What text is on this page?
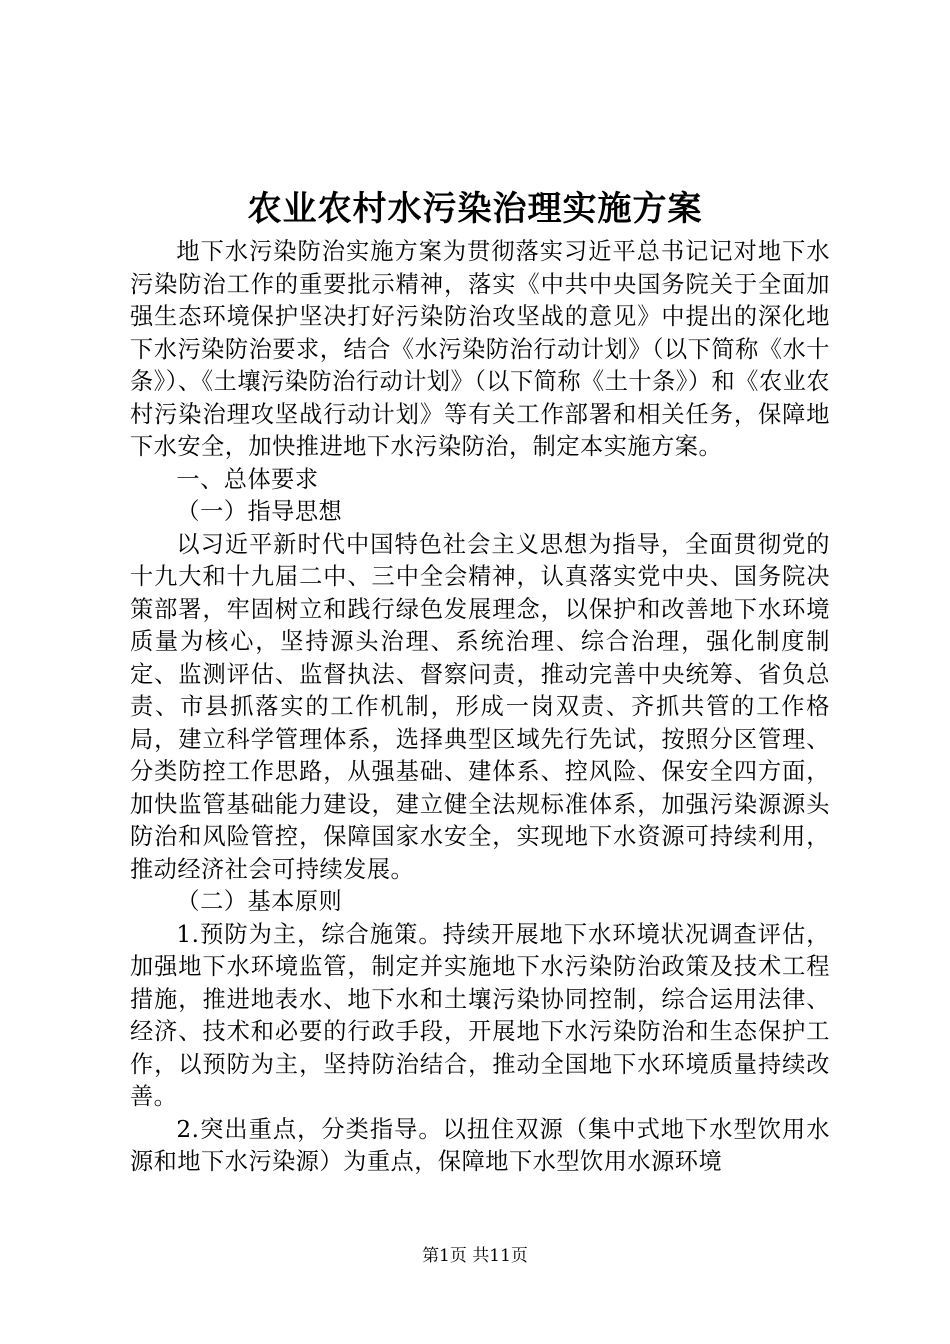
农业农村水污染治理实施方案

地下水污染防治实施方案为贯彻落实习近平总书记记对地下水污染防治工作的重要批示精神，落实《中共中央国务院关于全面加强生态环境保护坚决打好污染防治攻坚战的意见》中提出的深化地下水污染防治要求，结合《水污染防治行动计划》（以下简称《水十条》）、《土壤污染防治行动计划》（以下简称《土十条》）和《农业农村污染治理攻坚战行动计划》等有关工作部署和相关任务，保障地下水安全，加快推进地下水污染防治，制定本实施方案。

一、总体要求

（一）指导思想

以习近平新时代中国特色社会主义思想为指导，全面贯彻党的十九大和十九届二中、三中全会精神，认真落实党中央、国务院决策部署，牢固树立和践行绿色发展理念，以保护和改善地下水环境质量为核心，坚持源头治理、系统治理、综合治理，强化制度制定、监测评估、监督执法、督察问责，推动完善中央统筹、省负总责、市县抓落实的工作机制，形成一岗双责、齐抓共管的工作格局，建立科学管理体系，选择典型区域先行先试，按照分区管理、分类防控工作思路，从强基础、建体系、控风险、保安全四方面，加快监管基础能力建设，建立健全法规标准体系，加强污染源源头防治和风险管控，保障国家水安全，实现地下水资源可持续利用，推动经济社会可持续发展。

（二）基本原则

1.预防为主，综合施策。持续开展地下水环境状况调查评估，加强地下水环境监管，制定并实施地下水污染防治政策及技术工程措施，推进地表水、地下水和土壤污染协同控制，综合运用法律、经济、技术和必要的行政手段，开展地下水污染防治和生态保护工作，以预防为主，坚持防治结合，推动全国地下水环境质量持续改善。

2.突出重点，分类指导。以扭住双源（集中式地下水型饮用水源和地下水污染源）为重点，保障地下水型饮用水源环境

第1页 共11页
